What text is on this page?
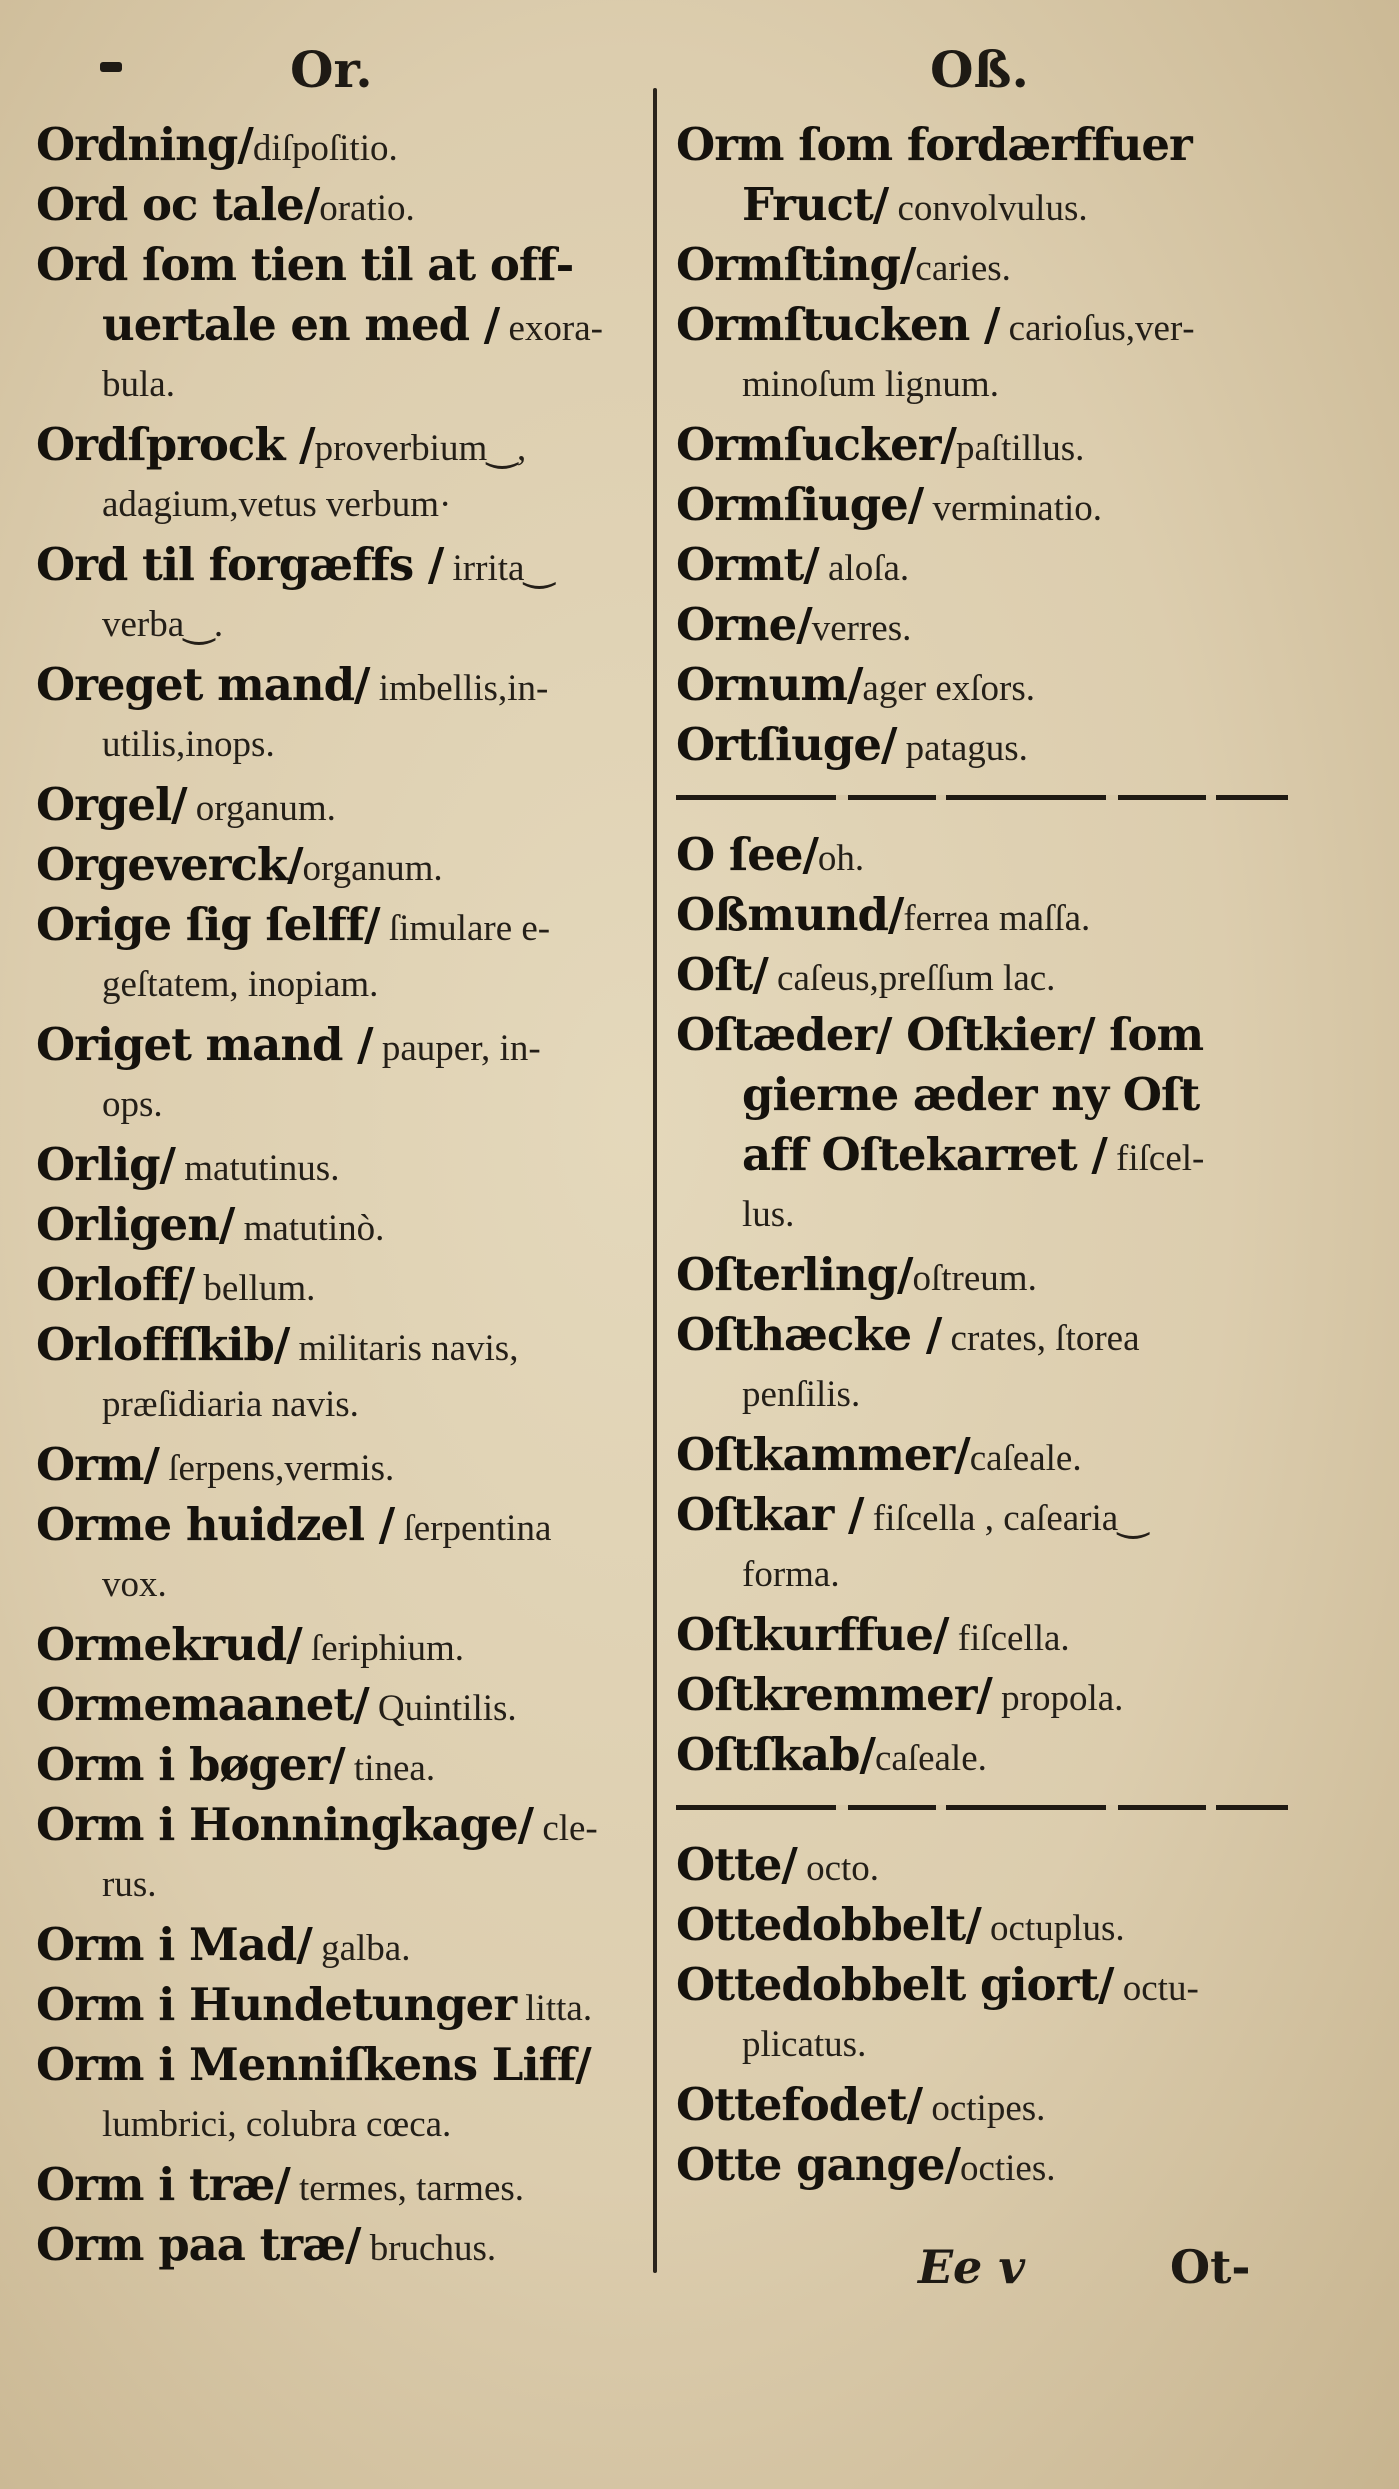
Or.	Oß.
Ordning/diſpoſitio.
Ord oc tale/oratio.
Ord ſom tien til at off‐
uertale en med / exora‐
bula.
Ordſprock /proverbium‿,
adagium,vetus verbum·
Ord til forgæffs / irrita‿
verba‿.
Oreget mand/ imbellis,in‐
utilis,inops.
Orgel/ organum.
Orgeverck/organum.
Orige ſig ſelff/ ſimulare e‐
geſtatem, inopiam.
Origet mand / pauper, in‐
ops.
Orlig/ matutinus.
Orligen/ matutinò.
Orloff/ bellum.
Orloffſkib/ militaris navis,
præſidiaria navis.
Orm/ ſerpens,vermis.
Orme huidzel / ſerpentina
vox.
Ormekrud/ ſeriphium.
Ormemaanet/ Quintilis.
Orm i bøger/ tinea.
Orm i Honningkage/ cle‐
rus.
Orm i Mad/ galba.
Orm i Hundetunger litta.
Orm i Menniſkens Liff/
lumbrici, colubra cœca.
Orm i træ/ termes, tarmes.
Orm paa træ/ bruchus.
Orm ſom fordærffuer
Fruct/ convolvulus.
Ormſting/caries.
Ormſtucken / carioſus,ver‐
minoſum lignum.
Ormſucker/paſtillus.
Ormſiuge/ verminatio.
Ormt/ aloſa.
Orne/verres.
Ornum/ager exſors.
Ortſiuge/ patagus.
O ſee/oh.
Oßmund/ferrea maſſa.
Oſt/ caſeus,preſſum lac.
Oſtæder/ Oſtkier/ ſom
gierne æder ny Oſt
aff Oſtekarret / fiſcel‐
lus.
Oſterling/oſtreum.
Oſthæcke / crates, ſtorea
penſilis.
Oſtkammer/caſeale.
Oſtkar / fiſcella , caſearia‿
forma.
Oſtkurffue/ fiſcella.
Oſtkremmer/ propola.
Oſtſkab/caſeale.
Otte/ octo.
Ottedobbelt/ octuplus.
Ottedobbelt giort/ octu‐
plicatus.
Ottefodet/ octipes.
Otte gange/octies.
Ee v	Ot‐
